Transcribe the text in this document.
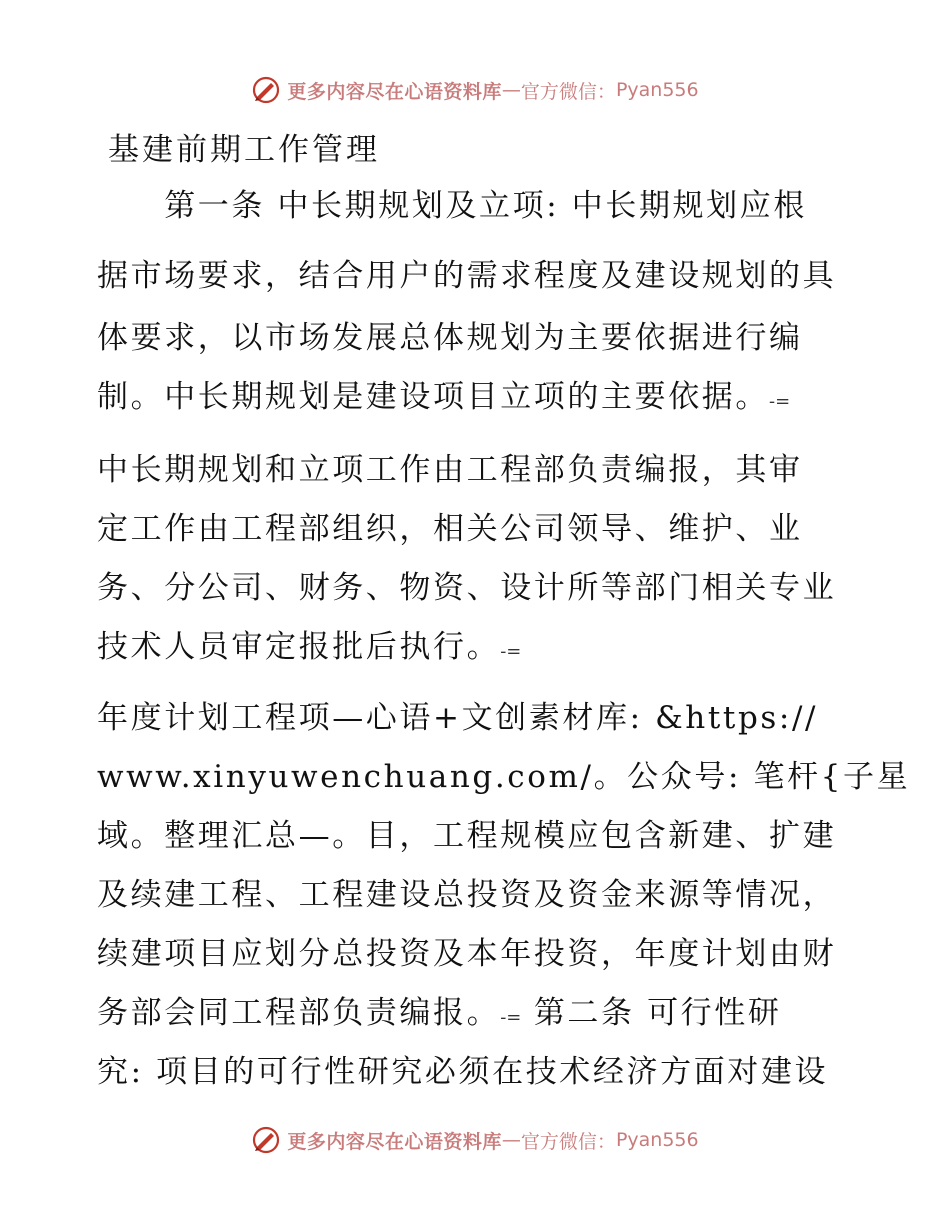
更多内容尽在心语资料库 — 官方微信： Pyan556
基建前期工作管理
　　第一条 中长期规划及立项: 中长期规划应根
据市场要求，结合用户的需求程度及建设规划的具
体要求，以市场发展总体规划为主要依据进行编
制。中长期规划是建设项目立项的主要依据。-=
中长期规划和立项工作由工程部负责编报，其审
定工作由工程部组织，相关公司领导、维护、业
务、分公司、财务、物资、设计所等部门相关专业
技术人员审定报批后执行。-=
年度计划工程项—心语+文创素材库: &https://
www.xinyuwenchuang.com/。公众号: 笔杆{子星
域。整理汇总—。目，工程规模应包含新建、扩建
及续建工程、工程建设总投资及资金来源等情况，
续建项目应划分总投资及本年投资，年度计划由财
务部会同工程部负责编报。-= 第二条 可行性研
究: 项目的可行性研究必须在技术经济方面对建设
更多内容尽在心语资料库 — 官方微信： Pyan556
